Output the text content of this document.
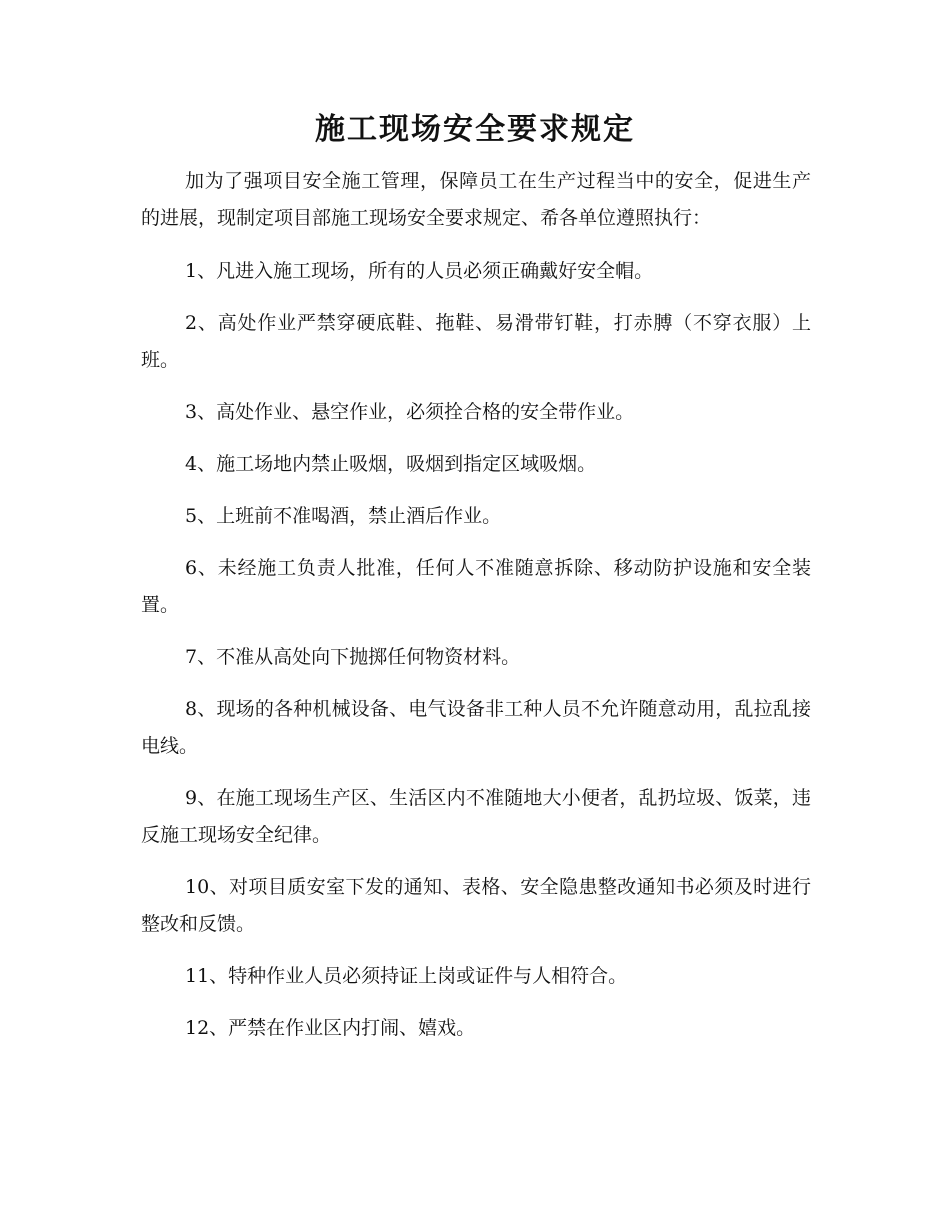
施工现场安全要求规定

加为了强项目安全施工管理，保障员工在生产过程当中的安全，促进生产的进展，现制定项目部施工现场安全要求规定、希各单位遵照执行：

1、凡进入施工现场，所有的人员必须正确戴好安全帽。

2、高处作业严禁穿硬底鞋、拖鞋、易滑带钉鞋，打赤膊（不穿衣服）上班。

3、高处作业、悬空作业，必须拴合格的安全带作业。

4、施工场地内禁止吸烟，吸烟到指定区域吸烟。

5、上班前不准喝酒，禁止酒后作业。

6、未经施工负责人批准，任何人不准随意拆除、移动防护设施和安全装置。

7、不准从高处向下抛掷任何物资材料。

8、现场的各种机械设备、电气设备非工种人员不允许随意动用，乱拉乱接电线。

9、在施工现场生产区、生活区内不准随地大小便者，乱扔垃圾、饭菜，违反施工现场安全纪律。

10、对项目质安室下发的通知、表格、安全隐患整改通知书必须及时进行整改和反馈。

11、特种作业人员必须持证上岗或证件与人相符合。

12、严禁在作业区内打闹、嬉戏。
